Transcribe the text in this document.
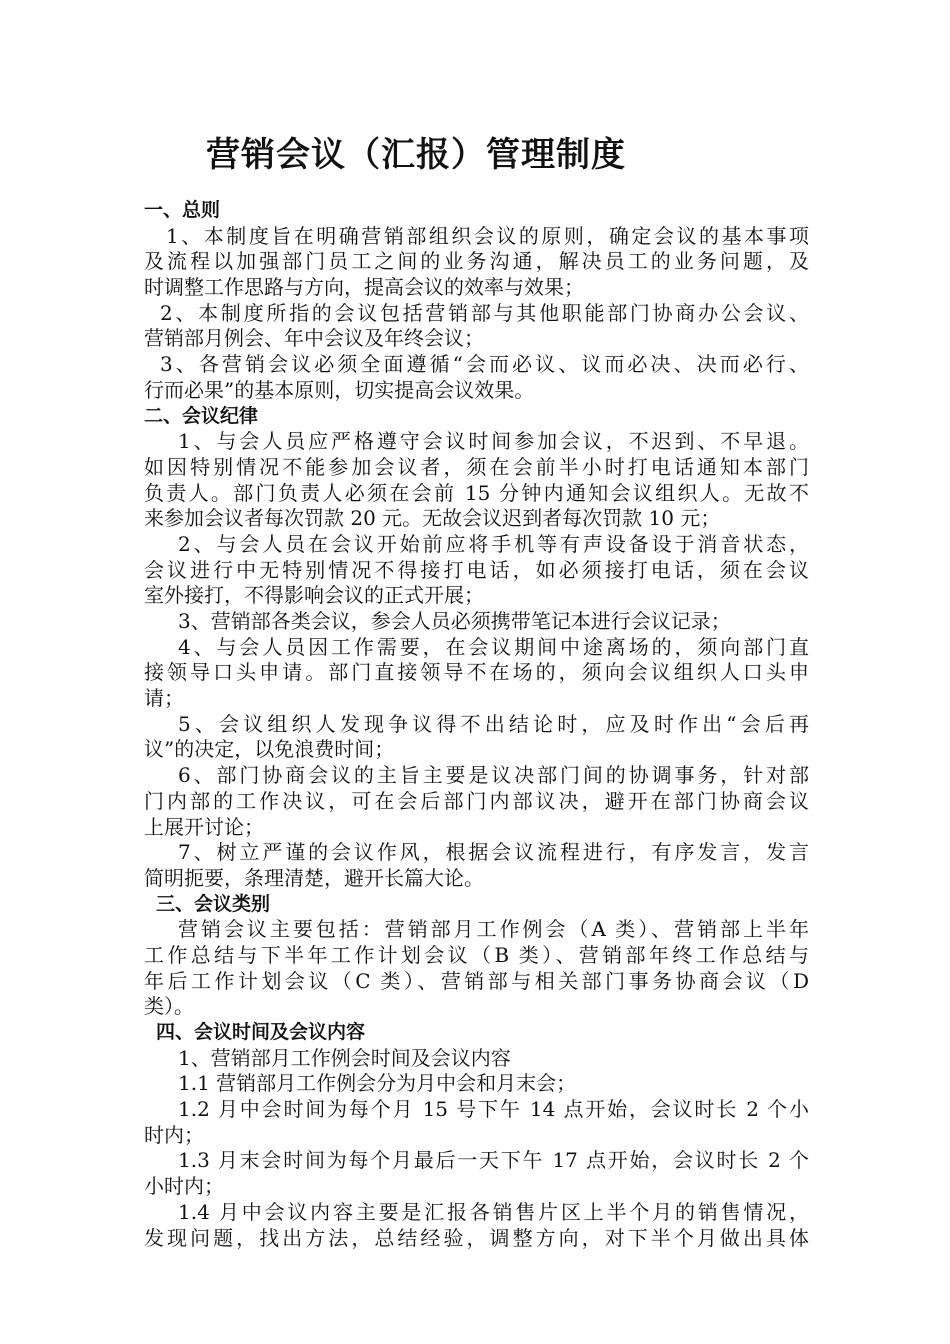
营销会议（汇报）管理制度
一、总则
1、本制度旨在明确营销部组织会议的原则，确定会议的基本事项
及流程以加强部门员工之间的业务沟通，解决员工的业务问题，及
时调整工作思路与方向，提高会议的效率与效果；
2、本制度所指的会议包括营销部与其他职能部门协商办公会议、
营销部月例会、年中会议及年终会议；
3、各营销会议必须全面遵循“会而必议、议而必决、决而必行、
行而必果”的基本原则，切实提高会议效果。
二、会议纪律
1、与会人员应严格遵守会议时间参加会议，不迟到、不早退。
如因特别情况不能参加会议者，须在会前半小时打电话通知本部门
负责人。部门负责人必须在会前 15 分钟内通知会议组织人。无故不
来参加会议者每次罚款 20 元。无故会议迟到者每次罚款 10 元；
2、与会人员在会议开始前应将手机等有声设备设于消音状态，
会议进行中无特别情况不得接打电话，如必须接打电话，须在会议
室外接打，不得影响会议的正式开展；
3、营销部各类会议，参会人员必须携带笔记本进行会议记录；
4、与会人员因工作需要，在会议期间中途离场的，须向部门直
接领导口头申请。部门直接领导不在场的，须向会议组织人口头申
请；
5、会议组织人发现争议得不出结论时，应及时作出“会后再
议”的决定，以免浪费时间；
6、部门协商会议的主旨主要是议决部门间的协调事务，针对部
门内部的工作决议，可在会后部门内部议决，避开在部门协商会议
上展开讨论；
7、树立严谨的会议作风，根据会议流程进行，有序发言，发言
简明扼要，条理清楚，避开长篇大论。
三、会议类别
营销会议主要包括：营销部月工作例会（A 类）、营销部上半年
工作总结与下半年工作计划会议（B 类）、营销部年终工作总结与
年后工作计划会议（C 类）、营销部与相关部门事务协商会议（D
类）。
四、会议时间及会议内容
1、营销部月工作例会时间及会议内容
1.1 营销部月工作例会分为月中会和月末会；
1.2 月中会时间为每个月 15 号下午 14 点开始，会议时长 2 个小
时内；
1.3 月末会时间为每个月最后一天下午 17 点开始，会议时长 2 个
小时内；
1.4 月中会议内容主要是汇报各销售片区上半个月的销售情况，
发现问题，找出方法，总结经验，调整方向，对下半个月做出具体
